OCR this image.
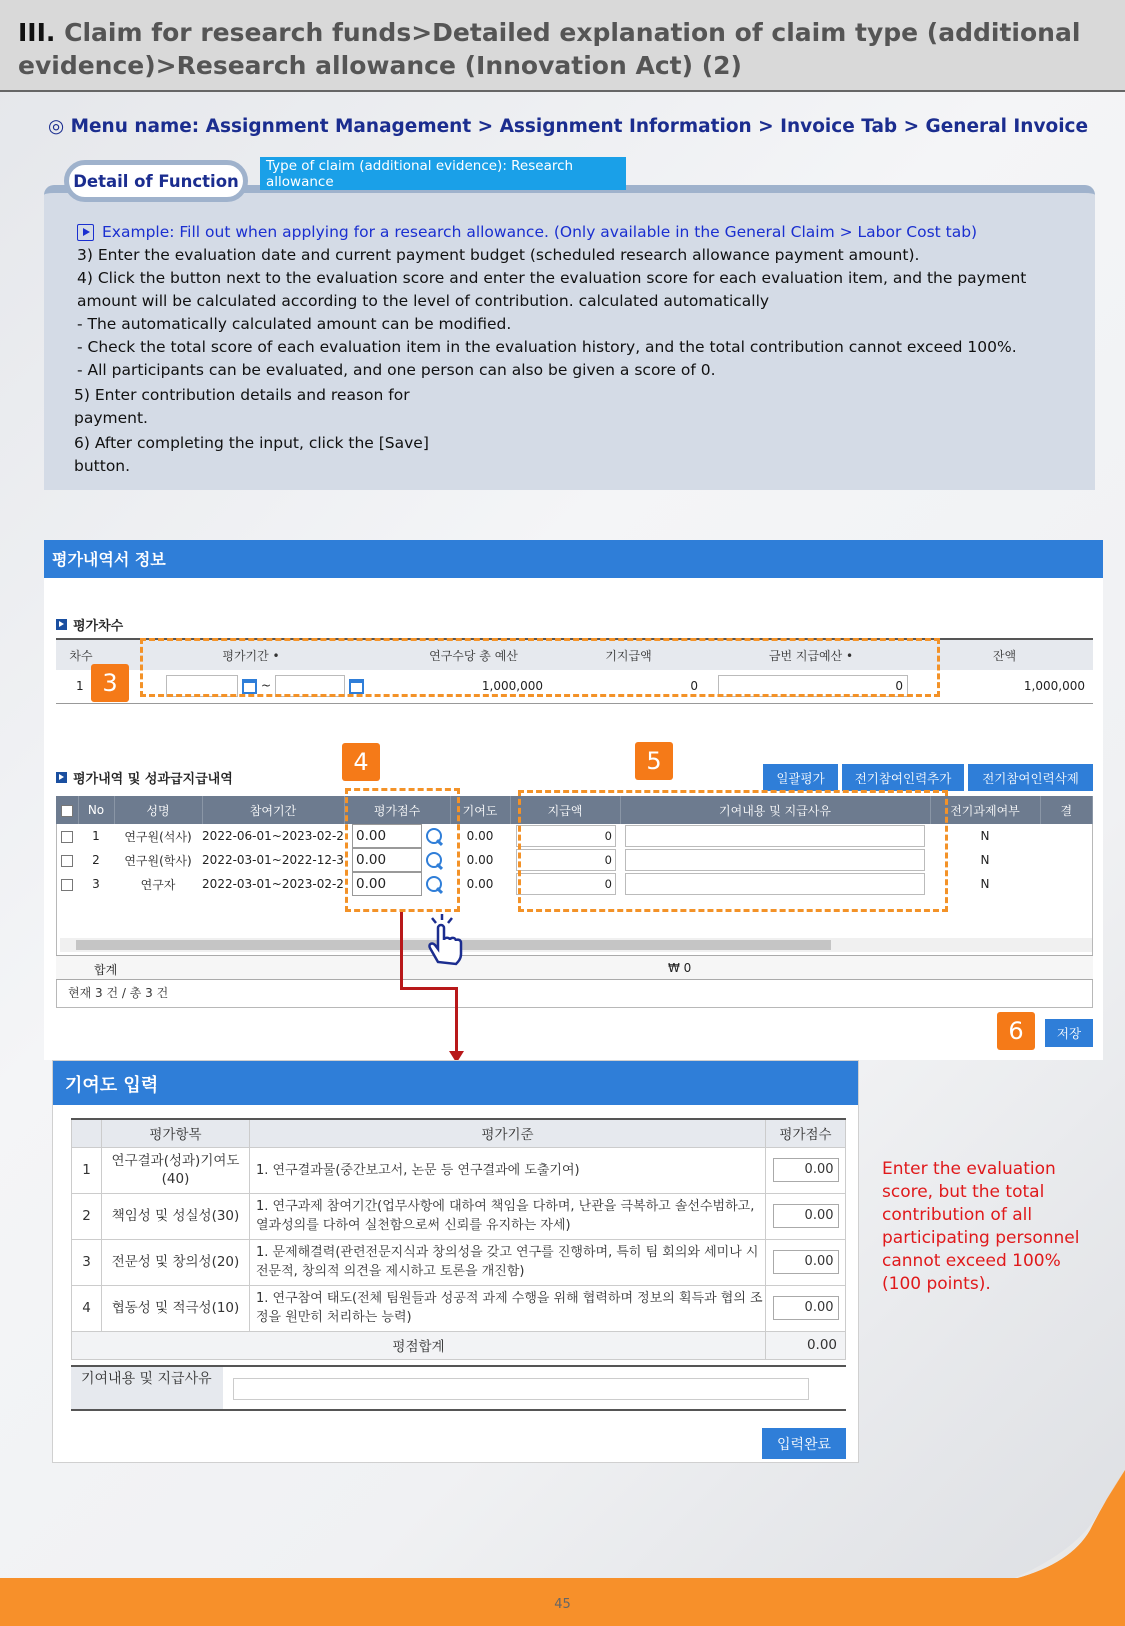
III. Claim for research funds>Detailed explanation of claim type (additional evidence)>Research allowance (Innovation Act) (2)
◎ Menu name: Assignment Management > Assignment Information > Invoice Tab > General Invoice
Detail of Function
Type of claim (additional evidence): Research allowance
Example: Fill out when applying for a research allowance. (Only available in the General Claim > Labor Cost tab)

3) Enter the evaluation date and current payment budget (scheduled research allowance payment amount).

4) Click the button next to the evaluation score and enter the evaluation score for each evaluation item, and the payment amount will be calculated according to the level of contribution. calculated automatically

- The automatically calculated amount can be modified.

- Check the total score of each evaluation item in the evaluation history, and the total contribution cannot exceed 100%.

- All participants can be evaluated, and one person can also be given a score of 0.

5) Enter contribution details and reason for payment.

6) After completing the input, click the [Save] button.

평가내역서 정보
평가차수
차수	평가기간 •	연구수당 총 예산	기지급액	금번 지급예산 •	잔액
1	~	1,000,000	0	0	1,000,000
3
평가내역 및 성과급지급내역	일괄평가	전기참여인력추가	전기참여인력삭제
	No	성명	참여기간	평가점수	기여도	지급액	기여내용 및 지급사유	전기과제여부	결
	1	연구원(석사)	2022-06-01~2023-02-2	0.00	0.00	0		N	
	2	연구원(학사)	2022-03-01~2022-12-3	0.00	0.00	0		N	
	3	연구자	2022-03-01~2023-02-2	0.00	0.00	0		N	
4	5
합계	₩ 0
현재 3 건 / 총 3 건
6	저장
기여도 입력
	평가항목	평가기준	평가점수
1	연구결과(성과)기여도(40)	1. 연구결과물(중간보고서, 논문 등 연구결과에 도출기여)	0.00
2	책임성 및 성실성(30)	1. 연구과제 참여기간(업무사항에 대하여 책임을 다하며, 난관을 극복하고 솔선수범하고, 열과성의를 다하여 실천함으로써 신뢰를 유지하는 자세)	0.00
3	전문성 및 창의성(20)	1. 문제해결력(관련전문지식과 창의성을 갖고 연구를 진행하며, 특히 팀 회의와 세미나 시 전문적, 창의적 의견을 제시하고 토론을 개진함)	0.00
4	협동성 및 적극성(10)	1. 연구참여 태도(전체 팀원들과 성공적 과제 수행을 위해 협력하며 정보의 획득과 협의 조정을 원만히 처리하는 능력)	0.00
평점합계			0.00
기여내용 및 지급사유
입력완료
Enter the evaluation score, but the total contribution of all participating personnel cannot exceed 100% (100 points).
45
